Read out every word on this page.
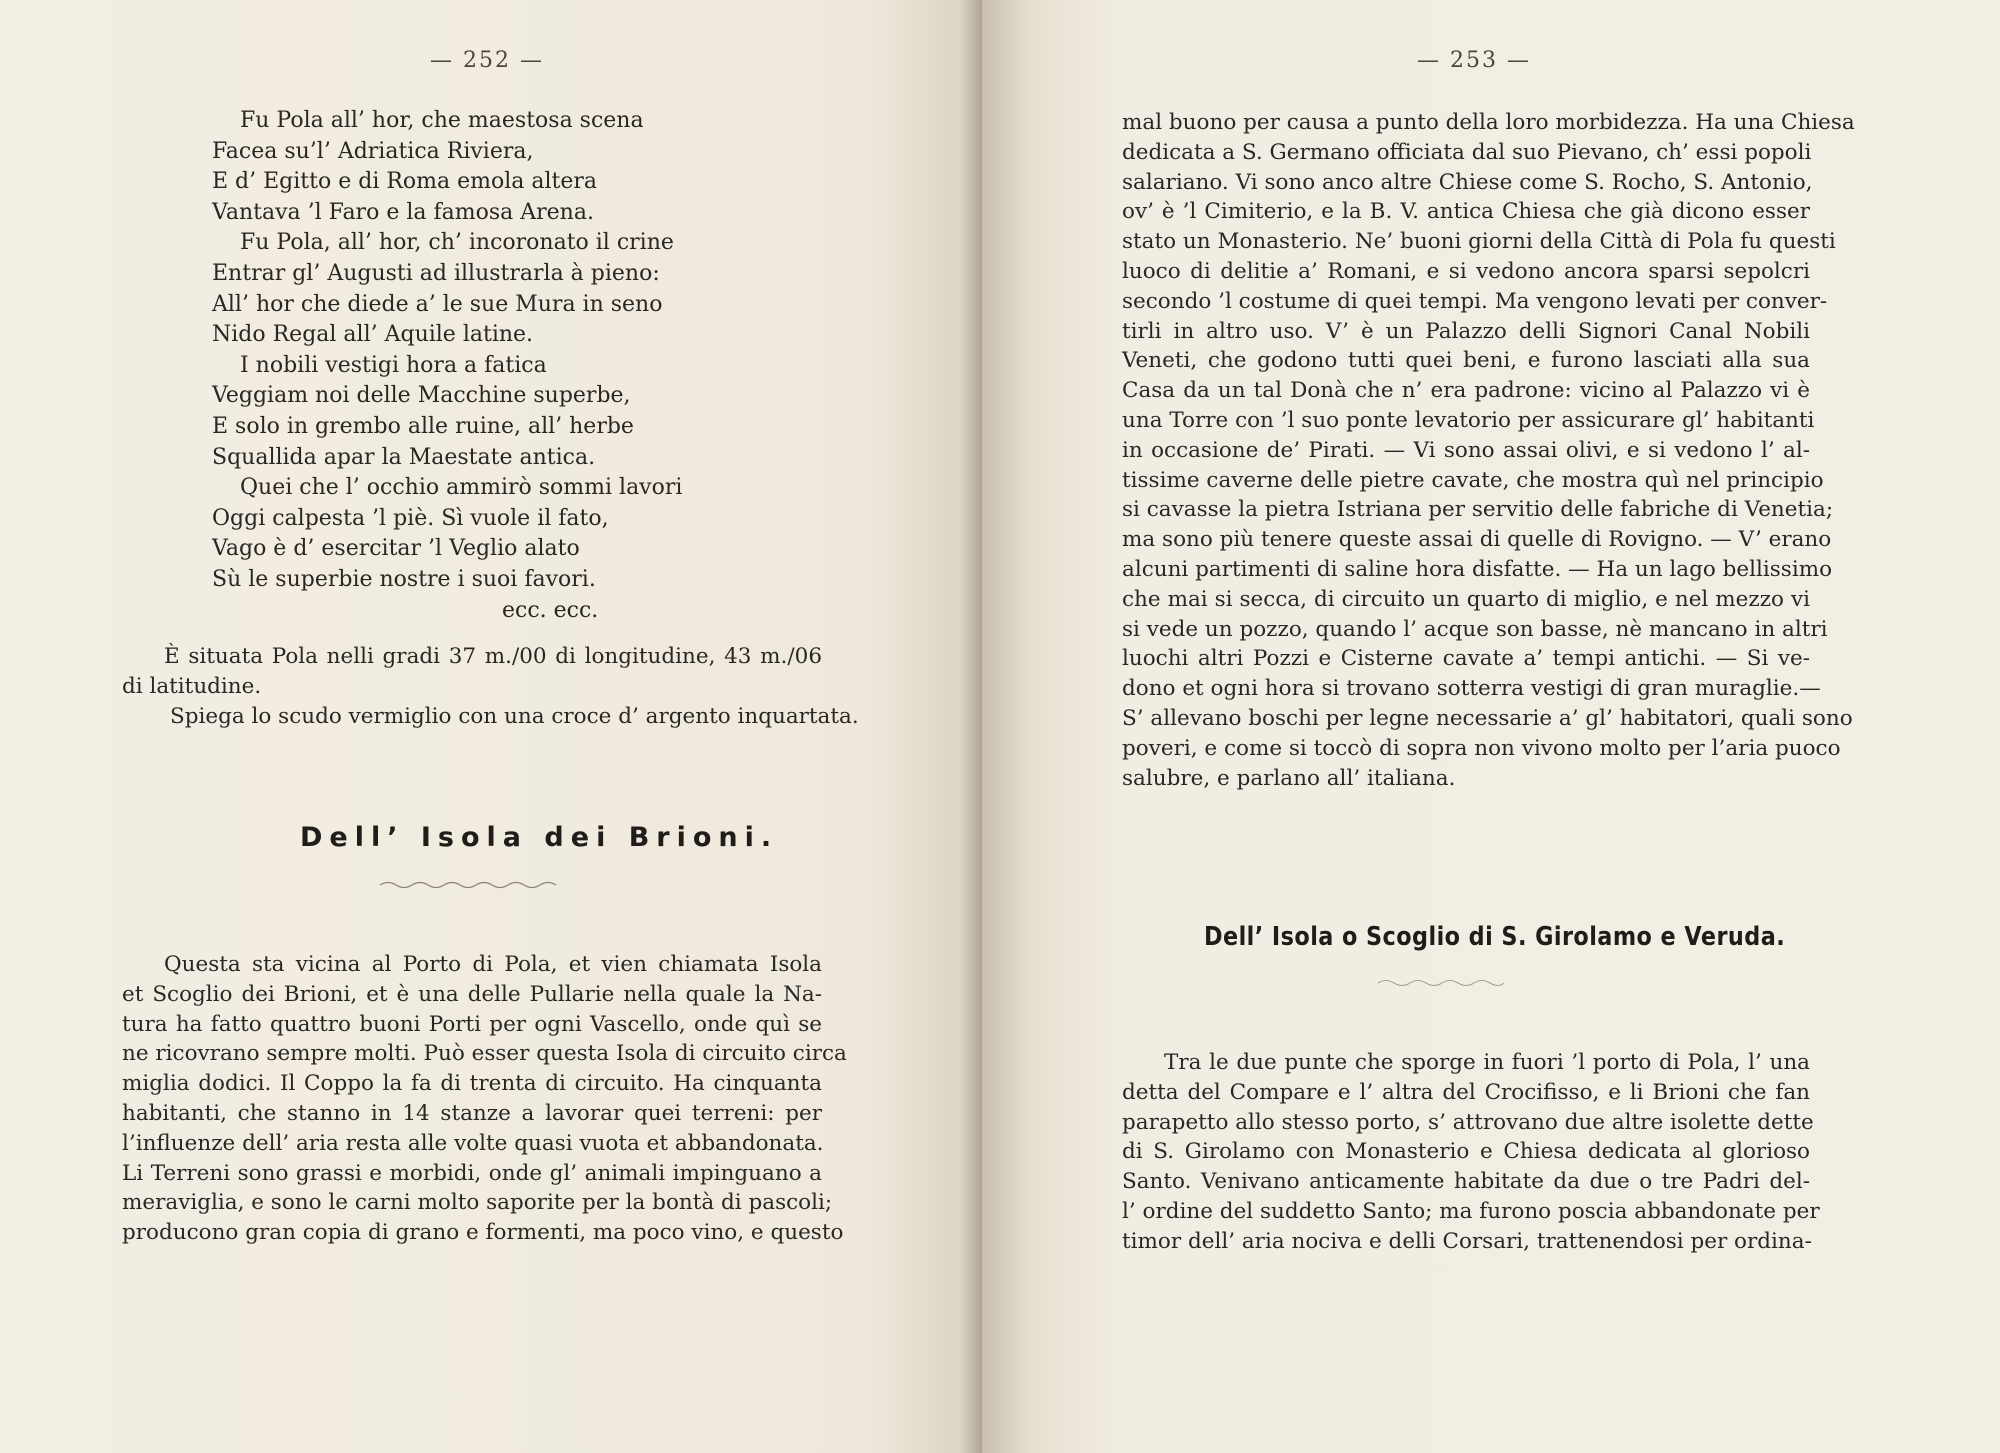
— 252 —
Fu Pola all’ hor, che maestosa scena
Facea su’l’ Adriatica Riviera,
E d’ Egitto e di Roma emola altera
Vantava ’l Faro e la famosa Arena.
Fu Pola, all’ hor, ch’ incoronato il crine
Entrar gl’ Augusti ad illustrarla à pieno:
All’ hor che diede a’ le sue Mura in seno
Nido Regal all’ Aquile latine.
I nobili vestigi hora a fatica
Veggiam noi delle Macchine superbe,
E solo in grembo alle ruine, all’ herbe
Squallida apar la Maestate antica.
Quei che l’ occhio ammirò sommi lavori
Oggi calpesta ’l piè. Sì vuole il fato,
Vago è d’ esercitar ’l Veglio alato
Sù le superbie nostre i suoi favori.
ecc. ecc.
È situata Pola nelli gradi 37 m./00 di longitudine, 43 m./06
di latitudine.
Spiega lo scudo vermiglio con una croce d’ argento inquartata.
Dell’ Isola dei Brioni.
Questa sta vicina al Porto di Pola, et vien chiamata Isola
et Scoglio dei Brioni, et è una delle Pullarie nella quale la Na-
tura ha fatto quattro buoni Porti per ogni Vascello, onde quì se
ne ricovrano sempre molti. Può esser questa Isola di circuito circa
miglia dodici. Il Coppo la fa di trenta di circuito. Ha cinquanta
habitanti, che stanno in 14 stanze a lavorar quei terreni: per
l’influenze dell’ aria resta alle volte quasi vuota et abbandonata.
Li Terreni sono grassi e morbidi, onde gl’ animali impinguano a
meraviglia, e sono le carni molto saporite per la bontà di pascoli;
producono gran copia di grano e formenti, ma poco vino, e questo
— 253 —
mal buono per causa a punto della loro morbidezza. Ha una Chiesa
dedicata a S. Germano officiata dal suo Pievano, ch’ essi popoli
salariano. Vi sono anco altre Chiese come S. Rocho, S. Antonio,
ov’ è ’l Cimiterio, e la B. V. antica Chiesa che già dicono esser
stato un Monasterio. Ne’ buoni giorni della Città di Pola fu questi
luoco di delitie a’ Romani, e si vedono ancora sparsi sepolcri
secondo ’l costume di quei tempi. Ma vengono levati per conver-
tirli in altro uso. V’ è un Palazzo delli Signori Canal Nobili
Veneti, che godono tutti quei beni, e furono lasciati alla sua
Casa da un tal Donà che n’ era padrone: vicino al Palazzo vi è
una Torre con ’l suo ponte levatorio per assicurare gl’ habitanti
in occasione de’ Pirati. — Vi sono assai olivi, e si vedono l’ al-
tissime caverne delle pietre cavate, che mostra quì nel principio
si cavasse la pietra Istriana per servitio delle fabriche di Venetia;
ma sono più tenere queste assai di quelle di Rovigno. — V’ erano
alcuni partimenti di saline hora disfatte. — Ha un lago bellissimo
che mai si secca, di circuito un quarto di miglio, e nel mezzo vi
si vede un pozzo, quando l’ acque son basse, nè mancano in altri
luochi altri Pozzi e Cisterne cavate a’ tempi antichi. — Si ve-
dono et ogni hora si trovano sotterra vestigi di gran muraglie.—
S’ allevano boschi per legne necessarie a’ gl’ habitatori, quali sono
poveri, e come si toccò di sopra non vivono molto per l’aria puoco
salubre, e parlano all’ italiana.
Dell’ Isola o Scoglio di S. Girolamo e Veruda.
Tra le due punte che sporge in fuori ’l porto di Pola, l’ una
detta del Compare e l’ altra del Crocifisso, e li Brioni che fan
parapetto allo stesso porto, s’ attrovano due altre isolette dette
di S. Girolamo con Monasterio e Chiesa dedicata al glorioso
Santo. Venivano anticamente habitate da due o tre Padri del-
l’ ordine del suddetto Santo; ma furono poscia abbandonate per
timor dell’ aria nociva e delli Corsari, trattenendosi per ordina-
